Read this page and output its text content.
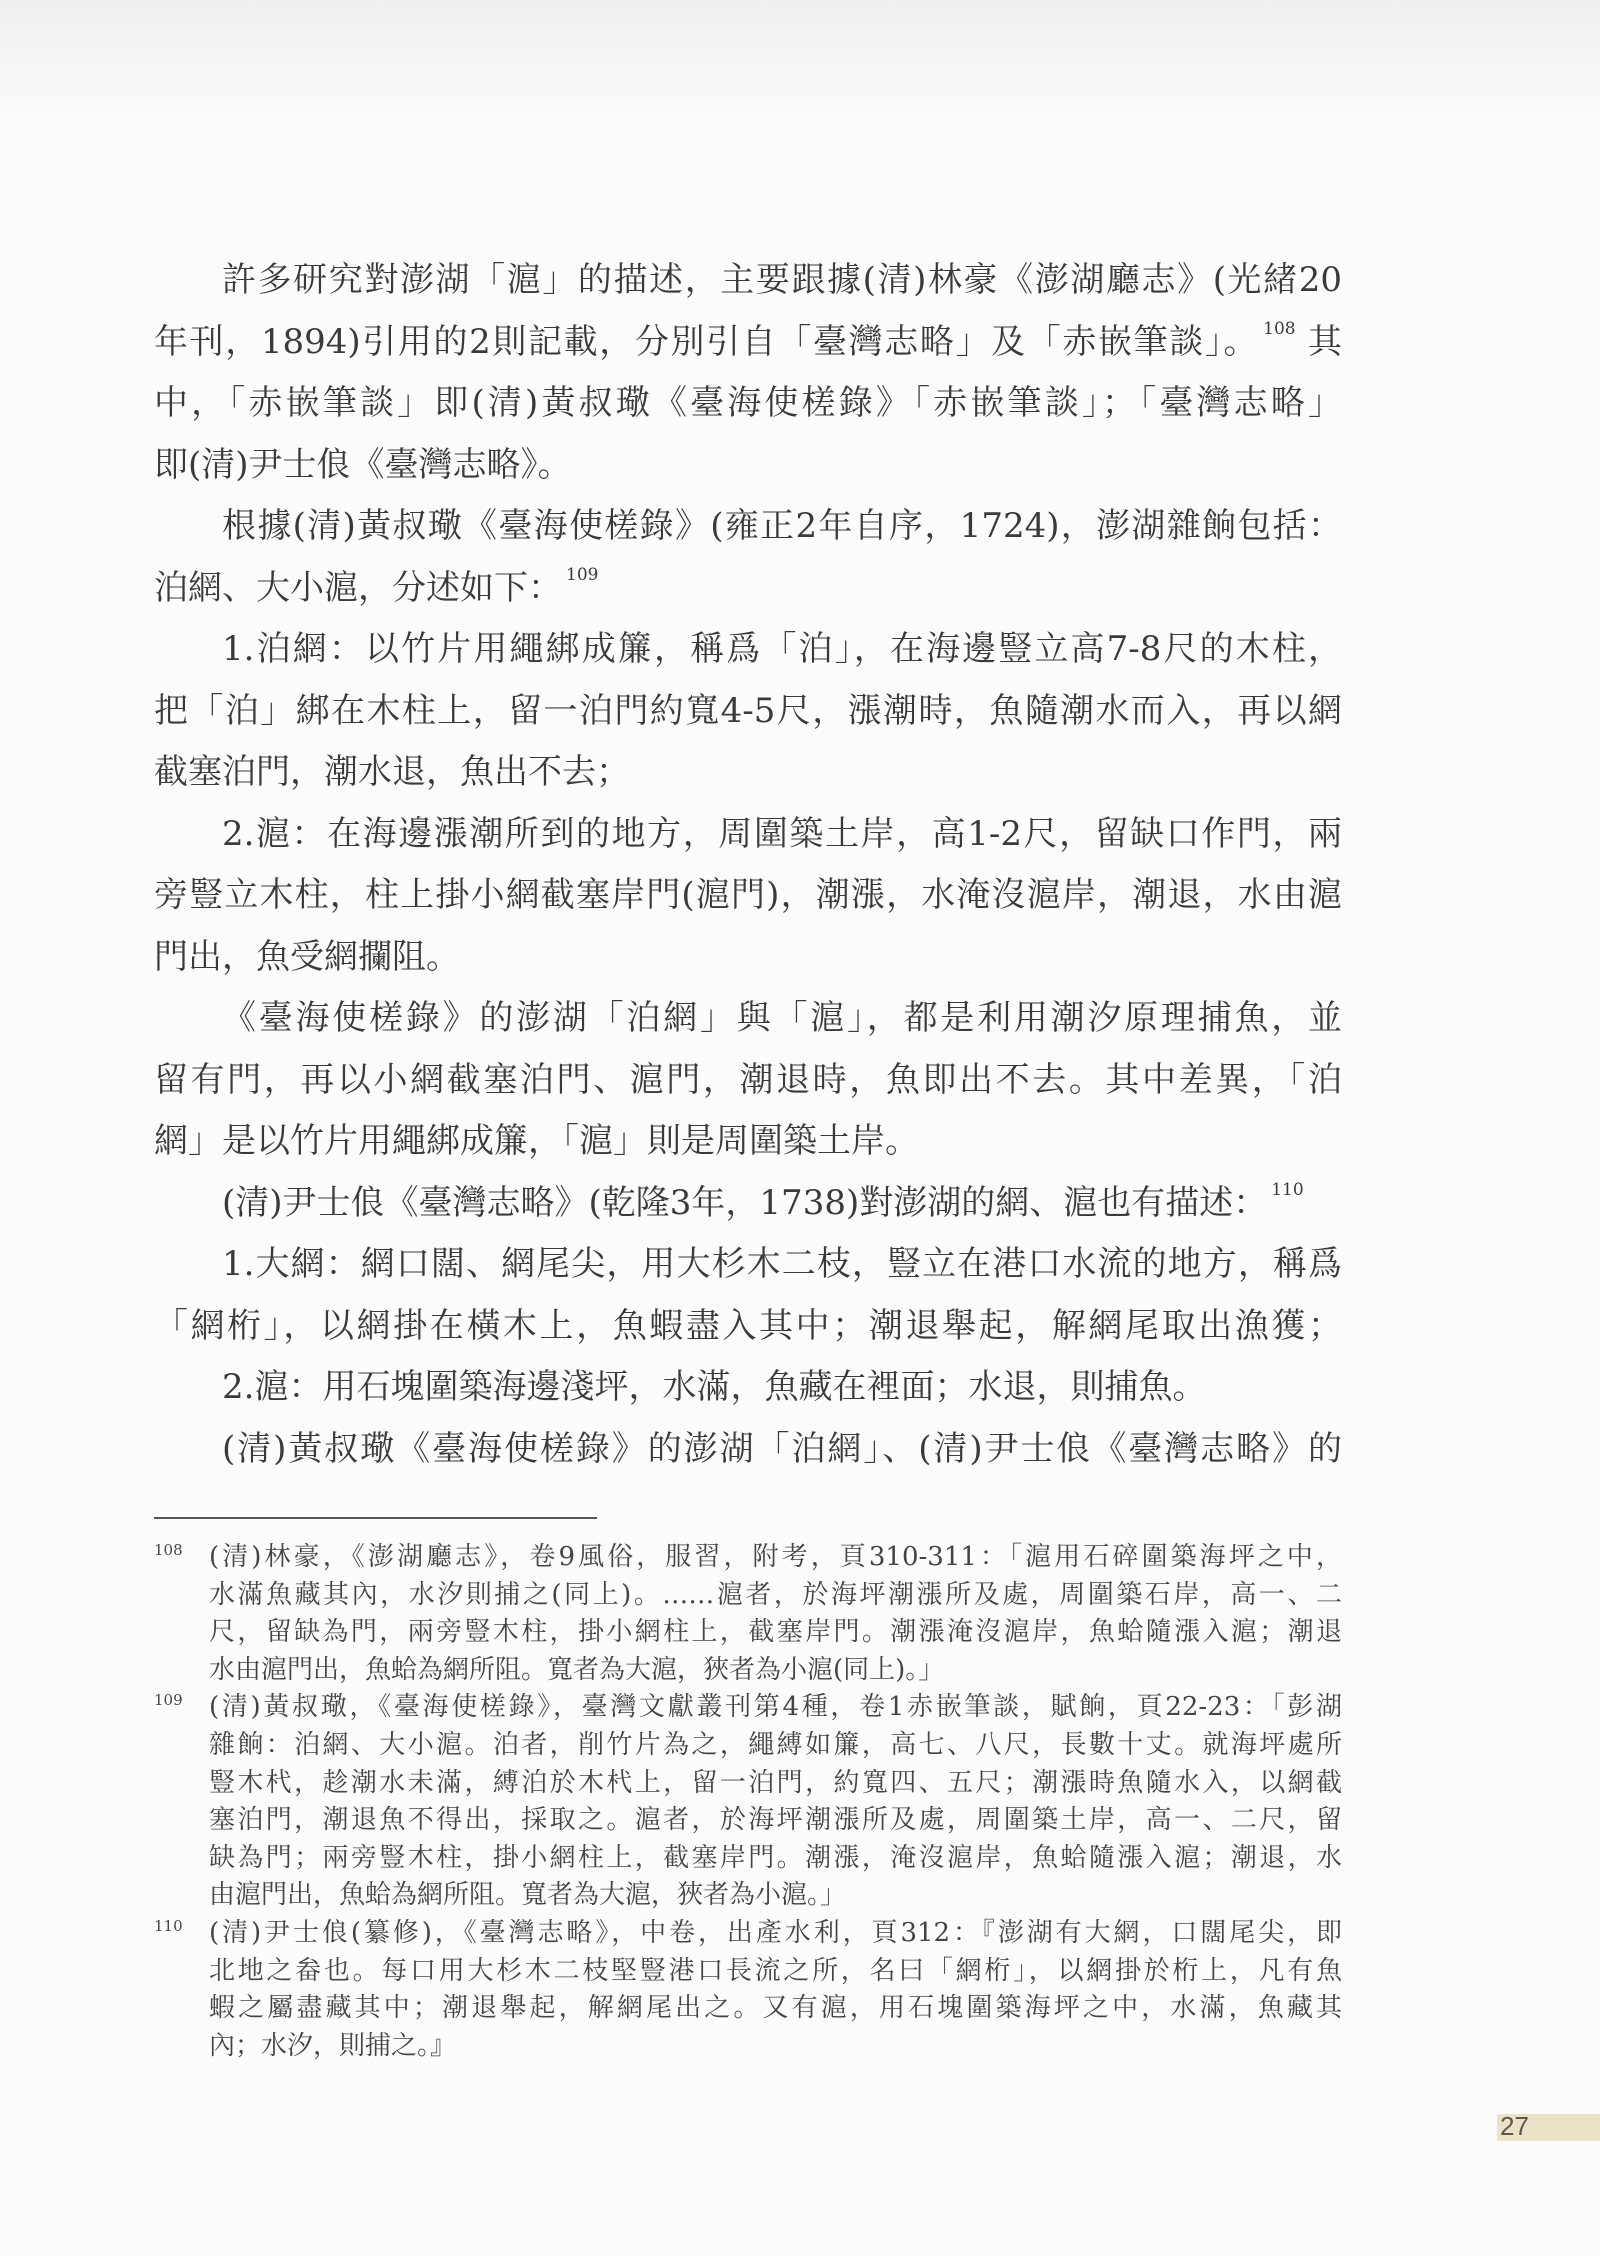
許多研究對澎湖「滬」的描述，主要跟據(清)林豪《澎湖廳志》(光緒20
年刊，1894)引用的2則記載，分別引自「臺灣志略」及「赤嵌筆談」。 $^{108}$ 其
中，「赤嵌筆談」即(清)黃叔璥《臺海使槎錄》「赤嵌筆談」；「臺灣志略」
即(清)尹士俍《臺灣志略》。
根據(清)黃叔璥《臺海使槎錄》(雍正2年自序，1724)，澎湖雜餉包括：
泊網、大小滬，分述如下： $^{109}$
1.泊網：以竹片用繩綁成簾，稱爲「泊」，在海邊豎立高7-8尺的木柱，
把「泊」綁在木柱上，留一泊門約寬4-5尺，漲潮時，魚隨潮水而入，再以網
截塞泊門，潮水退，魚出不去；
2.滬：在海邊漲潮所到的地方，周圍築土岸，高1-2尺，留缺口作門，兩
旁豎立木柱，柱上掛小網截塞岸門(滬門)，潮漲，水淹沒滬岸，潮退，水由滬
門出，魚受網攔阻。
《臺海使槎錄》的澎湖「泊網」與「滬」，都是利用潮汐原理捕魚，並
留有門，再以小網截塞泊門、滬門，潮退時，魚即出不去。其中差異，「泊
網」是以竹片用繩綁成簾，「滬」則是周圍築土岸。
(清)尹士俍《臺灣志略》(乾隆3年，1738)對澎湖的網、滬也有描述： $^{110}$
1.大網：網口闊、網尾尖，用大杉木二枝，豎立在港口水流的地方，稱爲
「網桁」，以網掛在橫木上，魚蝦盡入其中；潮退舉起，解網尾取出漁獲；
2.滬：用石塊圍築海邊淺坪，水滿，魚藏在裡面；水退，則捕魚。
(清)黃叔璥《臺海使槎錄》的澎湖「泊網」、(清)尹士俍《臺灣志略》的
108 (清)林豪，《澎湖廳志》，卷9風俗，服習，附考，頁310-311：「滬用石碎圍築海坪之中，
水滿魚藏其內，水汐則捕之(同上)。……滬者，於海坪潮漲所及處，周圍築石岸，高一、二
尺，留缺為門，兩旁豎木柱，掛小網柱上，截塞岸門。潮漲淹沒滬岸，魚蛤隨漲入滬；潮退
水由滬門出，魚蛤為網所阻。寬者為大滬，狹者為小滬(同上)。」
109 (清)黃叔璥，《臺海使槎錄》，臺灣文獻叢刊第4種，卷1赤嵌筆談，賦餉，頁22-23：「彭湖
雜餉：泊網、大小滬。泊者，削竹片為之，繩縛如簾，高七、八尺，長數十丈。就海坪處所
豎木杙，趁潮水未滿，縛泊於木杙上，留一泊門，約寬四、五尺；潮漲時魚隨水入，以網截
塞泊門，潮退魚不得出，採取之。滬者，於海坪潮漲所及處，周圍築土岸，高一、二尺，留
缺為門；兩旁豎木柱，掛小網柱上，截塞岸門。潮漲，淹沒滬岸，魚蛤隨漲入滬；潮退，水
由滬門出，魚蛤為網所阻。寬者為大滬，狹者為小滬。」
110 (清)尹士俍(纂修)，《臺灣志略》，中卷，出產水利，頁312：『澎湖有大網，口闊尾尖，即
北地之畚也。每口用大杉木二枝堅豎港口長流之所，名曰「網桁」，以網掛於桁上，凡有魚
蝦之屬盡藏其中；潮退舉起，解網尾出之。又有滬，用石塊圍築海坪之中，水滿，魚藏其
內；水汐，則捕之。』
27
